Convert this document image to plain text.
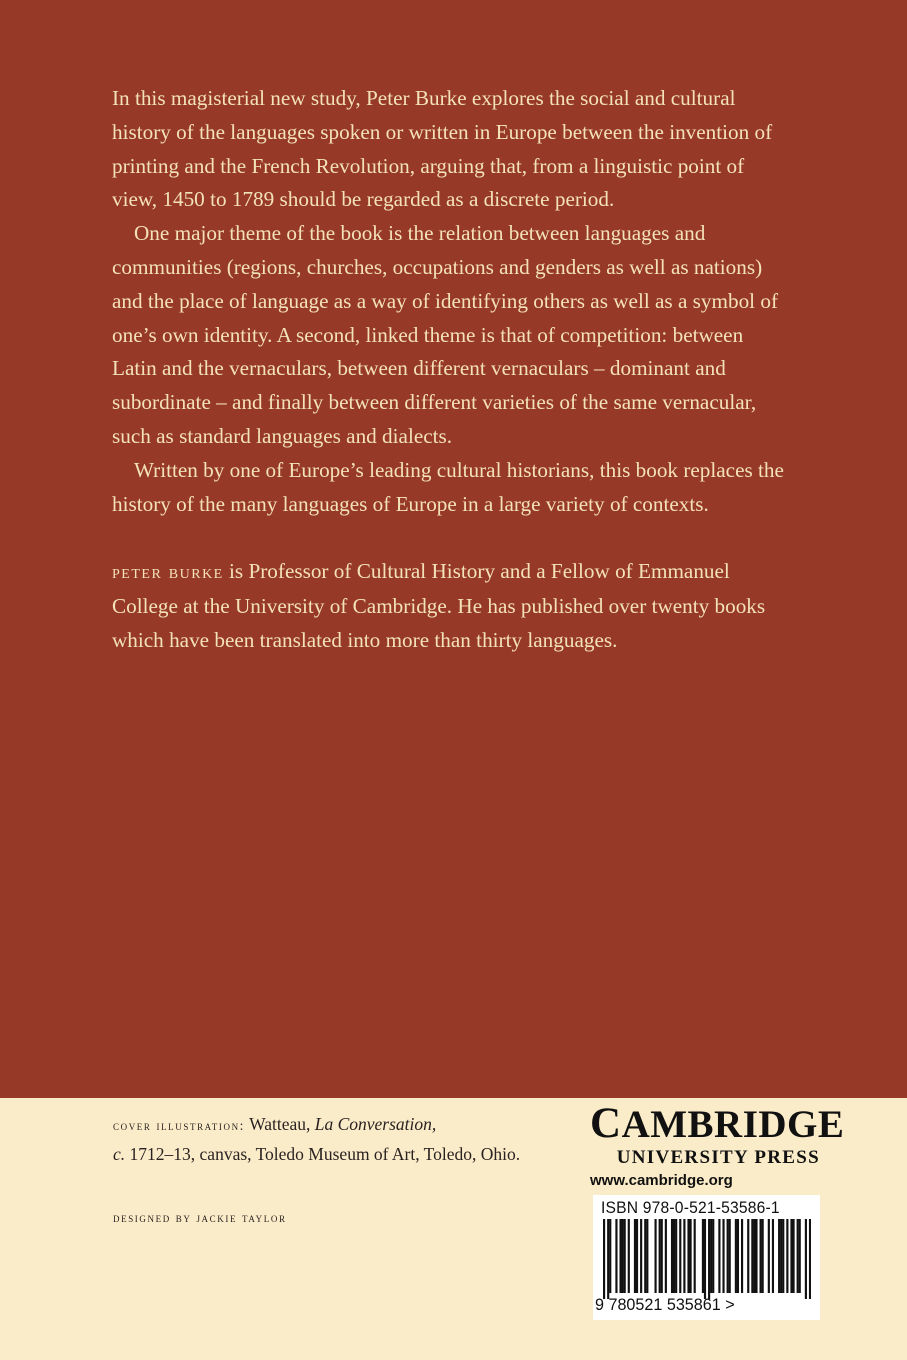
In this magisterial new study, Peter Burke explores the social and cultural history of the languages spoken or written in Europe between the invention of printing and the French Revolution, arguing that, from a linguistic point of view, 1450 to 1789 should be regarded as a discrete period.

One major theme of the book is the relation between languages and communities (regions, churches, occupations and genders as well as nations) and the place of language as a way of identifying others as well as a symbol of one’s own identity. A second, linked theme is that of competition: between Latin and the vernaculars, between different vernaculars – dominant and subordinate – and finally between different varieties of the same vernacular, such as standard languages and dialects.

Written by one of Europe’s leading cultural historians, this book replaces the history of the many languages of Europe in a large variety of contexts.

peter burke is Professor of Cultural History and a Fellow of Emmanuel College at the University of Cambridge. He has published over twenty books which have been translated into more than thirty languages.

cover illustration: Watteau, La Conversation,
c. 1712–13, canvas, Toledo Museum of Art, Toledo, Ohio.
designed by jackie taylor
CAMBRIDGE
UNIVERSITY PRESS
www.cambridge.org
ISBN 978-0-521-53586-1
9 780521 535861 >
